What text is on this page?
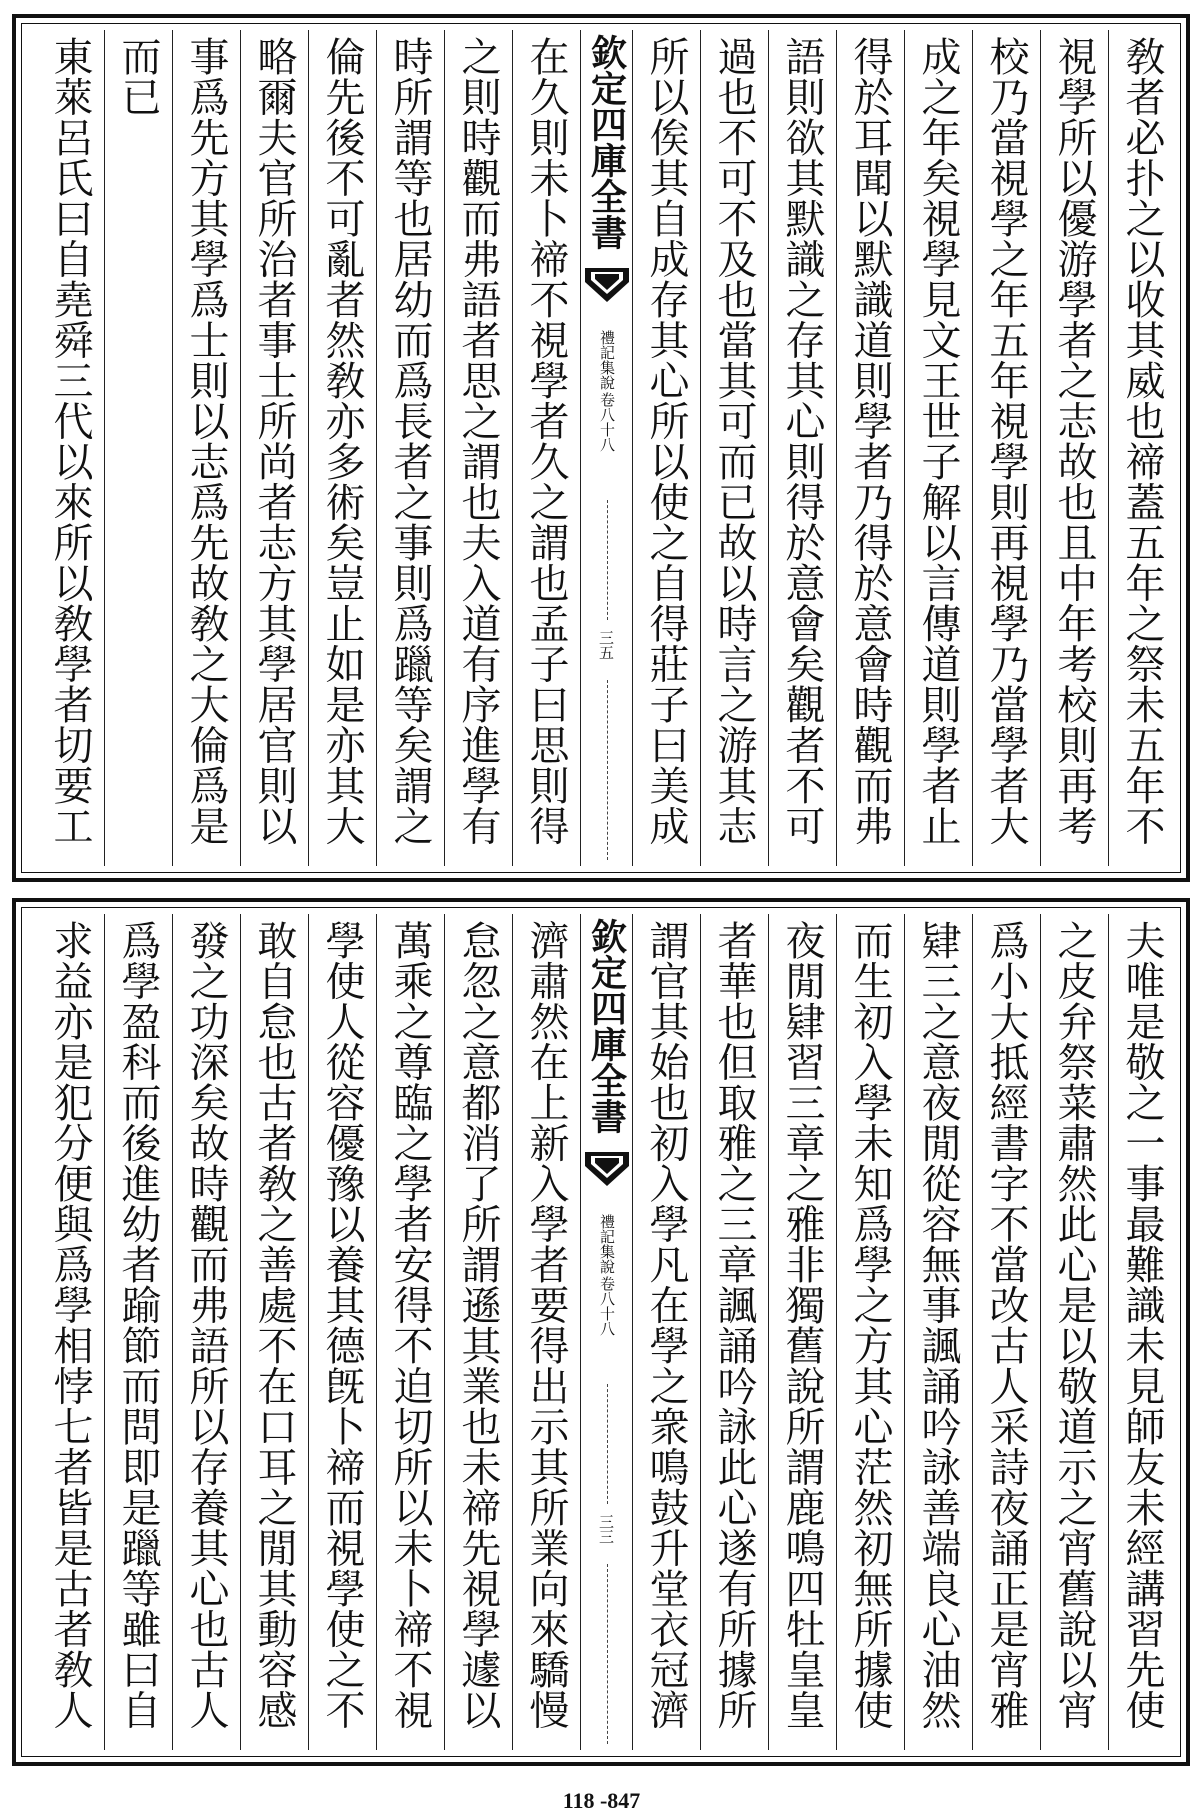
敎者必扑之以收其威也禘蓋五年之祭未五年不
視學所以優游學者之志故也且中年考校則再考
校乃當視學之年五年視學則再視學乃當學者大
成之年矣視學見文王世子解以言傳道則學者止
得於耳聞以默識道則學者乃得於意會時觀而弗
語則欲其默識之存其心則得於意會矣觀者不可
過也不可不及也當其可而已故以時言之游其志
所以俟其自成存其心所以使之自得莊子曰美成
欽定四庫全書
禮記集說
卷八十八
三五
在久則未卜禘不視學者久之謂也孟子曰思則得
之則時觀而弗語者思之謂也夫入道有序進學有
時所謂等也居幼而爲長者之事則爲躐等矣謂之
倫先後不可亂者然敎亦多術矣豈止如是亦其大
略爾夫官所治者事士所尚者志方其學居官則以
事爲先方其學爲士則以志爲先故敎之大倫爲是
而已
東萊呂氏曰自堯舜三代以來所以敎學者切要工
夫唯是敬之一事最難識未見師友未經講習先使
之皮弁祭菜肅然此心是以敬道示之宵舊說以宵
爲小大抵經書字不當改古人采詩夜誦正是宵雅
肄三之意夜閒從容無事諷誦吟詠善端良心油然
而生初入學未知爲學之方其心茫然初無所據使
夜閒肄習三章之雅非獨舊說所謂鹿鳴四牡皇皇
者華也但取雅之三章諷誦吟詠此心遂有所據所
謂官其始也初入學凡在學之衆鳴鼓升堂衣冠濟
欽定四庫全書
禮記集說
卷八十八
三三
濟肅然在上新入學者要得出示其所業向來驕慢
怠忽之意都消了所謂遜其業也未禘先視學遽以
萬乘之尊臨之學者安得不迫切所以未卜禘不視
學使人從容優豫以養其德旣卜禘而視學使之不
敢自怠也古者敎之善處不在口耳之閒其動容感
發之功深矣故時觀而弗語所以存養其心也古人
爲學盈科而後進幼者踰節而問即是躐等雖曰自
求益亦是犯分便與爲學相悖七者皆是古者敎人
118 -847
